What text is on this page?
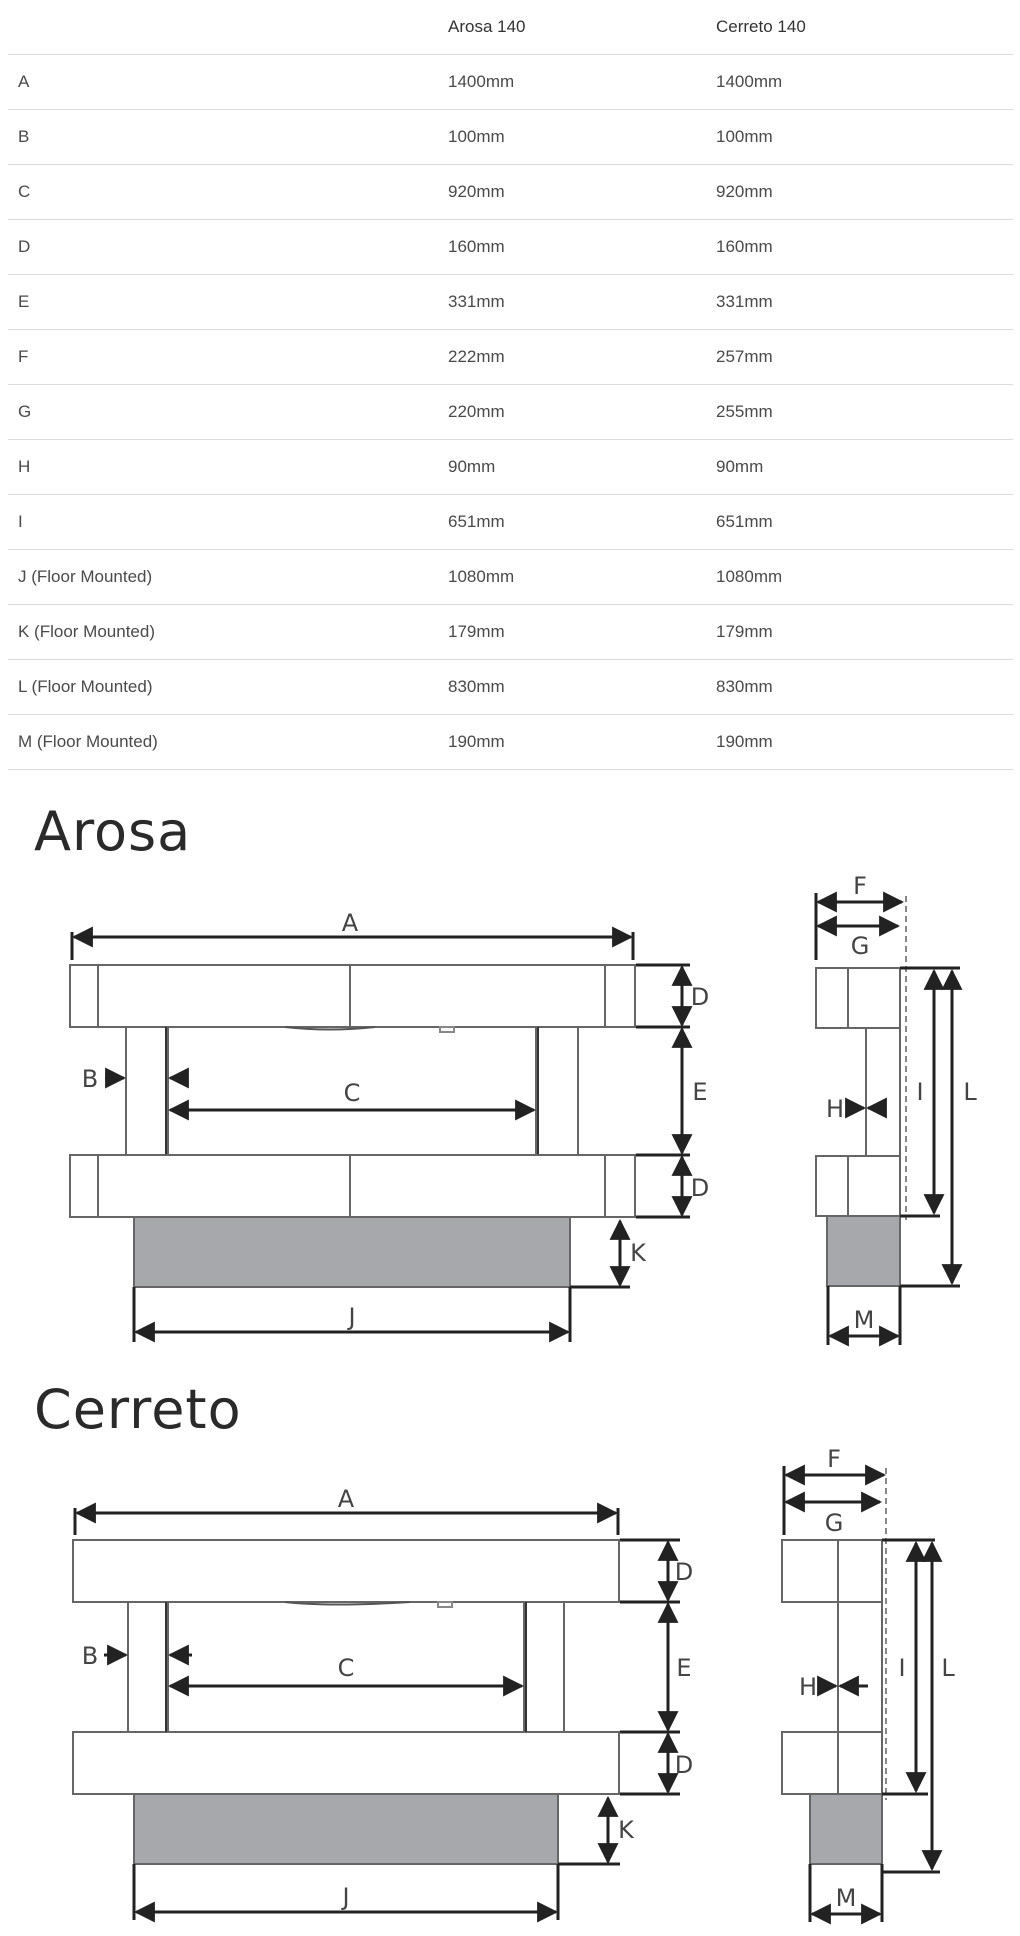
	Arosa 140	Cerreto 140
A	1400mm	1400mm
B	100mm	100mm
C	920mm	920mm
D	160mm	160mm
E	331mm	331mm
F	222mm	257mm
G	220mm	255mm
H	90mm	90mm
I	651mm	651mm
J (Floor Mounted)	1080mm	1080mm
K (Floor Mounted)	179mm	179mm
L (Floor Mounted)	830mm	830mm
M (Floor Mounted)	190mm	190mm
Arosa
A
B	C
D
E
D
K
J
F
G
H
I L
M
Cerreto
A
B	C
D
E
D
K
J
F
G
H
I L
M
